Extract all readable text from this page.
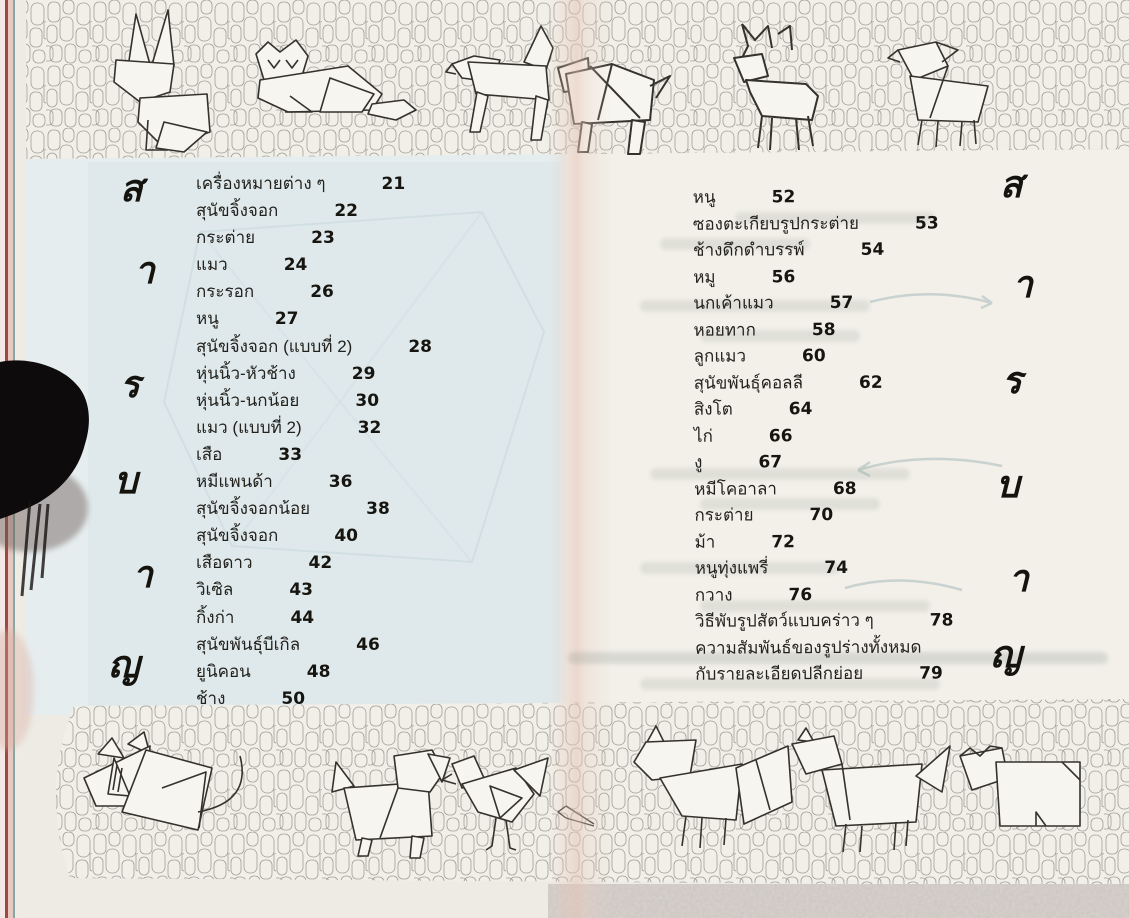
ส
า
ร
บ
า
ญ
ส
า
ร
บ
า
ญ
เครื่องหมายต่าง ๆ	21
สุนัขจิ้งจอก	22
กระต่าย	23
แมว	24
กระรอก	26
หนู	27
สุนัขจิ้งจอก (แบบที่ 2)	28
หุ่นนิ้ว-หัวช้าง	29
หุ่นนิ้ว-นกน้อย	30
แมว (แบบที่ 2)	32
เสือ	33
หมีแพนด้า	36
สุนัขจิ้งจอกน้อย	38
สุนัขจิ้งจอก	40
เสือดาว	42
วิเซิล	43
กิ้งก่า	44
สุนัขพันธุ์บีเกิล	46
ยูนิคอน	48
ช้าง	50
หนู	52
ซองตะเกียบรูปกระต่าย	53
ช้างดึกดำบรรพ์	54
หมู	56
นกเค้าแมว	57
หอยทาก	58
ลูกแมว	60
สุนัขพันธุ์คอลลี	62
สิงโต	64
ไก่	66
งู	67
หมีโคอาลา	68
กระต่าย	70
ม้า	72
หนูทุ่งแพรี่	74
กวาง	76
วิธีพับรูปสัตว์แบบคร่าว ๆ	78
ความสัมพันธ์ของรูปร่างทั้งหมด
กับรายละเอียดปลีกย่อย	79
